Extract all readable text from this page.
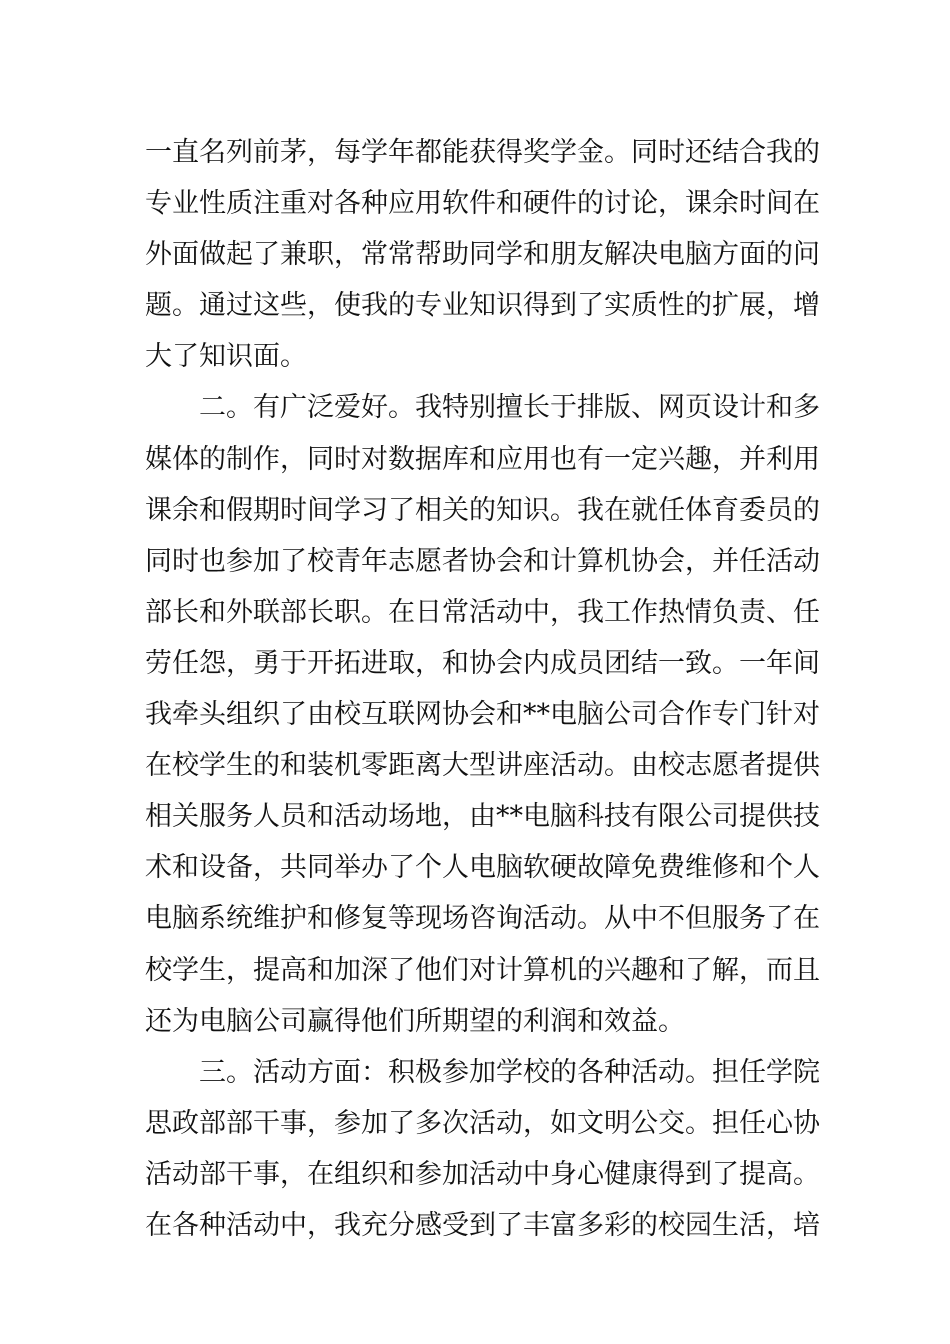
一直名列前茅，每学年都能获得奖学金。同时还结合我的
专业性质注重对各种应用软件和硬件的讨论，课余时间在
外面做起了兼职，常常帮助同学和朋友解决电脑方面的问
题。通过这些，使我的专业知识得到了实质性的扩展，增
大了知识面。
二。有广泛爱好。我特别擅长于排版、网页设计和多
媒体的制作，同时对数据库和应用也有一定兴趣，并利用
课余和假期时间学习了相关的知识。我在就任体育委员的
同时也参加了校青年志愿者协会和计算机协会，并任活动
部长和外联部长职。在日常活动中，我工作热情负责、任
劳任怨，勇于开拓进取，和协会内成员团结一致。一年间
我牵头组织了由校互联网协会和**电脑公司合作专门针对
在校学生的和装机零距离大型讲座活动。由校志愿者提供
相关服务人员和活动场地，由**电脑科技有限公司提供技
术和设备，共同举办了个人电脑软硬故障免费维修和个人
电脑系统维护和修复等现场咨询活动。从中不但服务了在
校学生，提高和加深了他们对计算机的兴趣和了解，而且
还为电脑公司赢得他们所期望的利润和效益。
三。活动方面：积极参加学校的各种活动。担任学院
思政部部干事，参加了多次活动，如文明公交。担任心协
活动部干事，在组织和参加活动中身心健康得到了提高。
在各种活动中，我充分感受到了丰富多彩的校园生活，培
